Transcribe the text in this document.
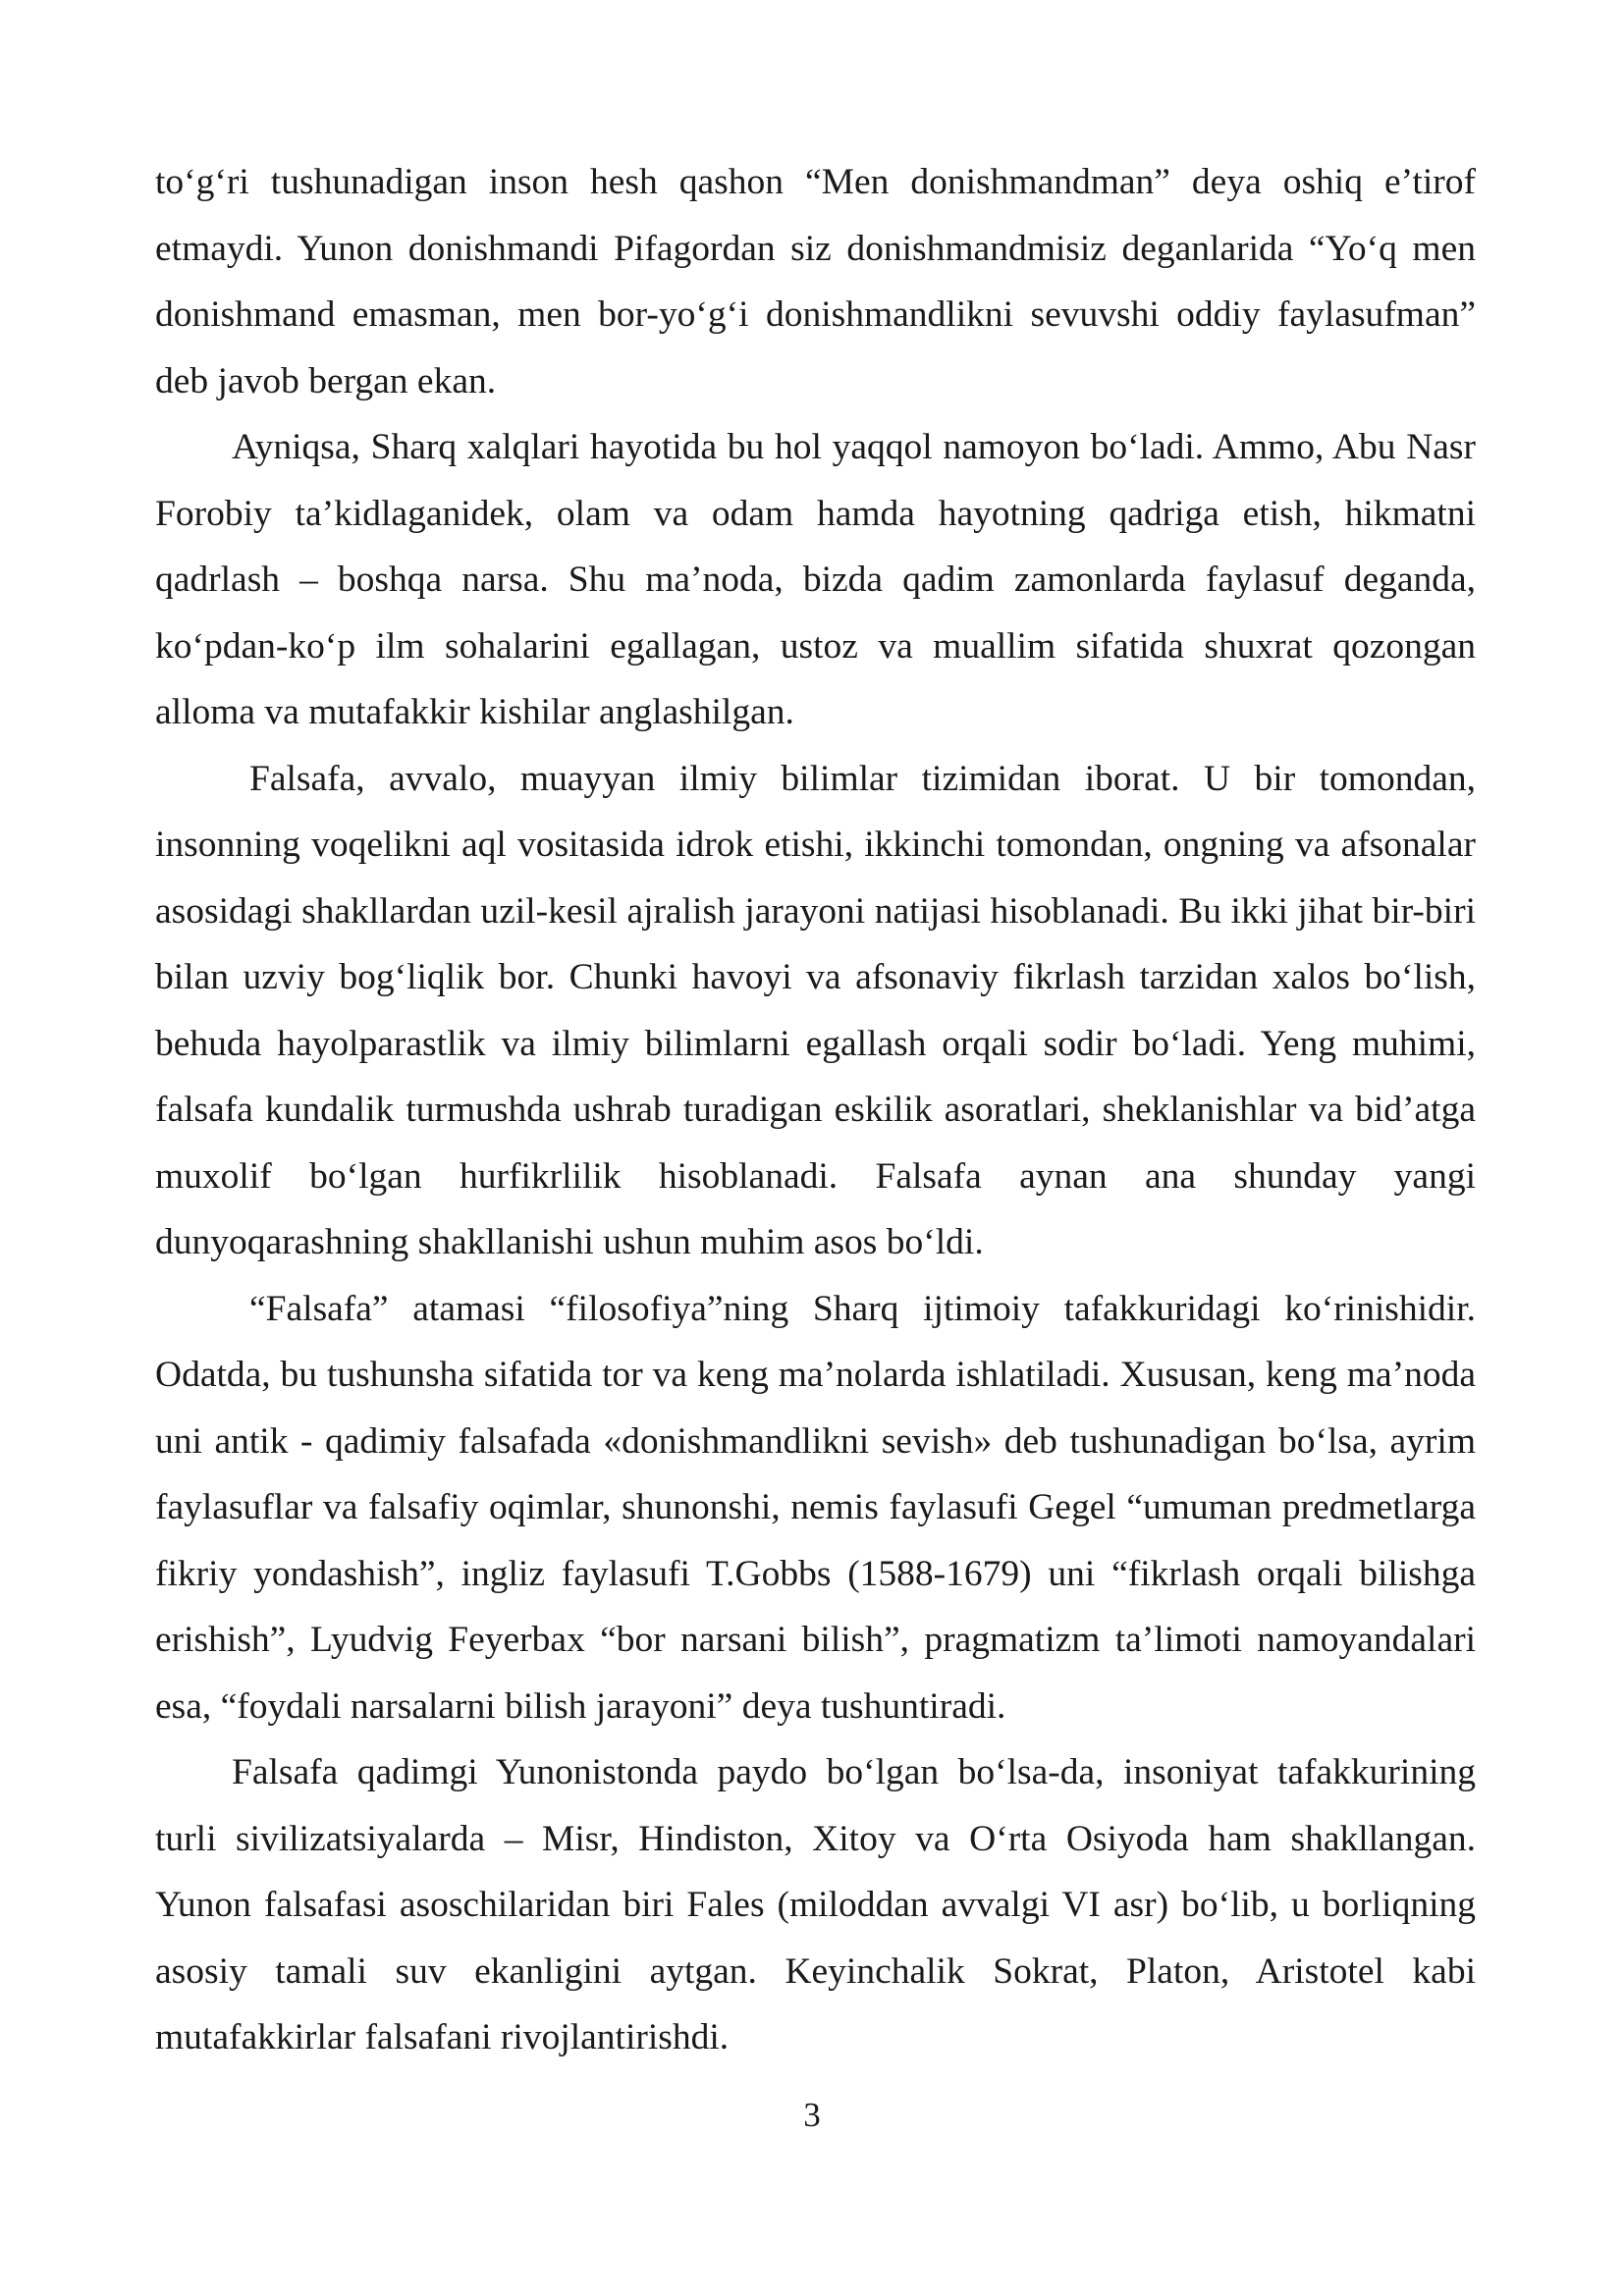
to‘g‘ri tushunadigan inson hesh qashon “Men donishmandman” deya oshiq e’tirof etmaydi. Yunon donishmandi Pifagordan siz donishmandmisiz deganlarida “Yo‘q men donishmand emasman, men bor-yo‘g‘i donishmandlikni sevuvshi oddiy faylasufman” deb javob bergan ekan.

Ayniqsa, Sharq xalqlari hayotida bu hol yaqqol namoyon bo‘ladi. Ammo, Abu Nasr Forobiy ta’kidlaganidek, olam va odam hamda hayotning qadriga etish, hikmatni qadrlash – boshqa narsa. Shu ma’noda, bizda qadim zamonlarda faylasuf deganda, ko‘pdan-ko‘p ilm sohalarini egallagan, ustoz va muallim sifatida shuxrat qozongan alloma va mutafakkir kishilar anglashilgan.

Falsafa, avvalo, muayyan ilmiy bilimlar tizimidan iborat. U bir tomondan, insonning voqelikni aql vositasida idrok etishi, ikkinchi tomondan, ongning va afsonalar asosidagi shakllardan uzil-kesil ajralish jarayoni natijasi hisoblanadi. Bu ikki jihat bir-biri bilan uzviy bog‘liqlik bor. Chunki havoyi va afsonaviy fikrlash tarzidan xalos bo‘lish, behuda hayolparastlik va ilmiy bilimlarni egallash orqali sodir bo‘ladi. Yeng muhimi, falsafa kundalik turmushda ushrab turadigan eskilik asoratlari, sheklanishlar va bid’atga muxolif bo‘lgan hurfikrlilik hisoblanadi. Falsafa aynan ana shunday yangi dunyoqarashning shakllanishi ushun muhim asos bo‘ldi.

“Falsafa” atamasi “filosofiya”ning Sharq ijtimoiy tafakkuridagi ko‘rinishidir. Odatda, bu tushunsha sifatida tor va keng ma’nolarda ishlatiladi. Xususan, keng ma’noda uni antik - qadimiy falsafada «donishmandlikni sevish» deb tushunadigan bo‘lsa, ayrim faylasuflar va falsafiy oqimlar, shunonshi, nemis faylasufi Gegel “umuman predmetlarga fikriy yondashish”, ingliz faylasufi T.Gobbs (1588-1679) uni “fikrlash orqali bilishga erishish”, Lyudvig Feyerbax “bor narsani bilish”, pragmatizm ta’limoti namoyandalari esa, “foydali narsalarni bilish jarayoni” deya tushuntiradi.

Falsafa qadimgi Yunonistonda paydo bo‘lgan bo‘lsa-da, insoniyat tafakkurining turli sivilizatsiyalarda – Misr, Hindiston, Xitoy va O‘rta Osiyoda ham shakllangan. Yunon falsafasi asoschilaridan biri Fales (miloddan avvalgi VI asr) bo‘lib, u borliqning asosiy tamali suv ekanligini aytgan. Keyinchalik Sokrat, Platon, Aristotel kabi mutafakkirlar falsafani rivojlantirishdi.

3
